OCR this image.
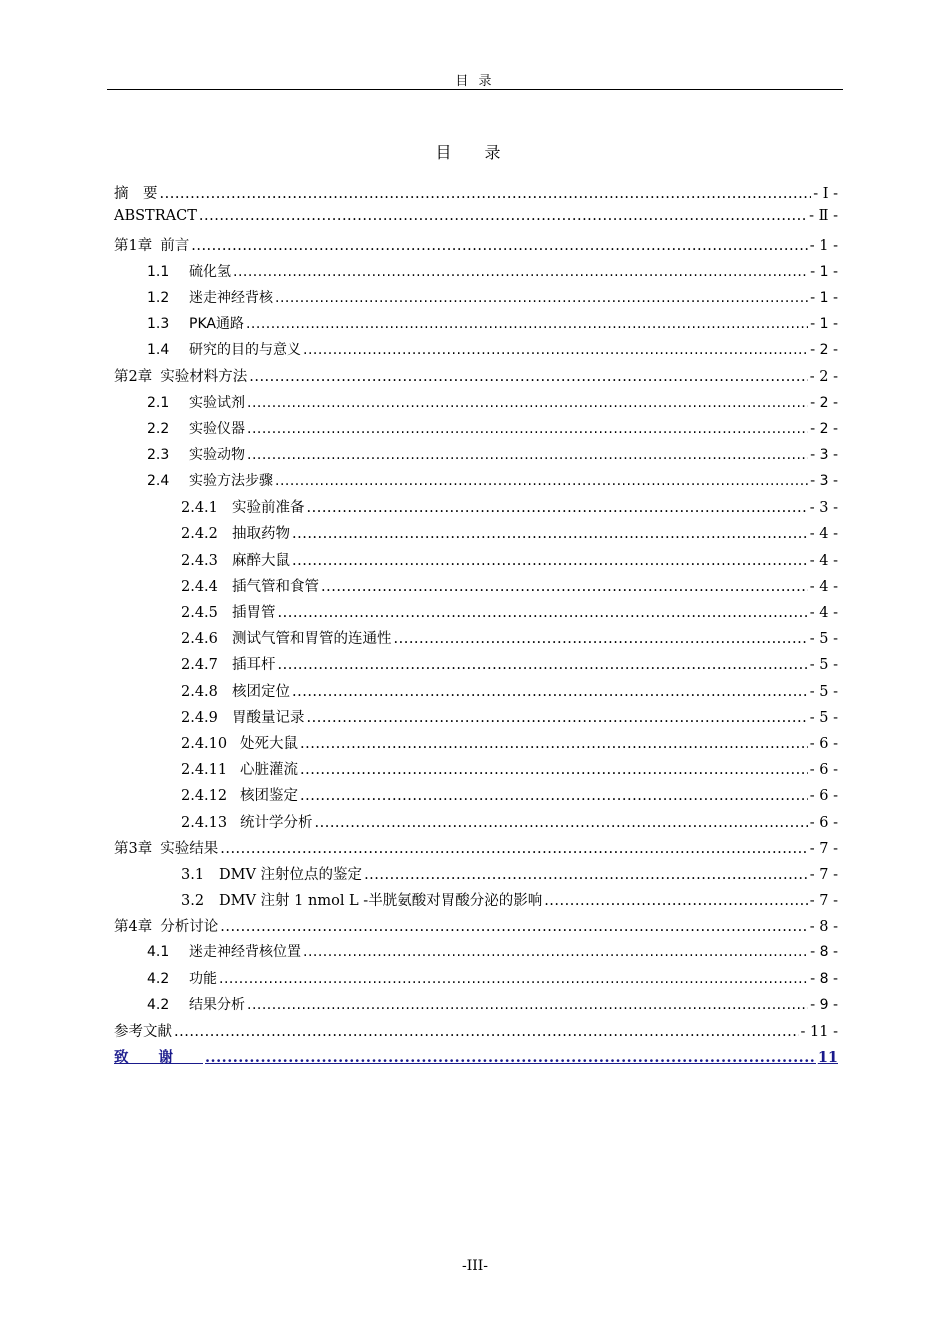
目 录
目 录
摘　要 .....	- Ⅰ -
ABSTRACT .....	- Ⅱ -
第1章 前言 .....	- 1 -
1.1	硫化氢 .....	- 1 -
1.2	迷走神经背核 .....	- 1 -
1.3	PKA通路 .....	- 1 -
1.4	研究的目的与意义 .....	- 2 -
第2章 实验材料方法 .....	- 2 -
2.1	实验试剂 .....	- 2 -
2.2	实验仪器 .....	- 2 -
2.3	实验动物 .....	- 3 -
2.4	实验方法步骤 .....	- 3 -
2.4.1 实验前准备 .....	- 3 -
2.4.2 抽取药物 .....	- 4 -
2.4.3 麻醉大鼠 .....	- 4 -
2.4.4 插气管和食管 .....	- 4 -
2.4.5 插胃管 .....	- 4 -
2.4.6 测试气管和胃管的连通性 .....	- 5 -
2.4.7 插耳杆 .....	- 5 -
2.4.8 核团定位 .....	- 5 -
2.4.9 胃酸量记录 .....	- 5 -
2.4.10 处死大鼠 .....	- 6 -
2.4.11 心脏灌流 .....	- 6 -
2.4.12 核团鉴定 .....	- 6 -
2.4.13 统计学分析 .....	- 6 -
第3章 实验结果 .....	- 7 -
3.1	DMV 注射位点的鉴定 .....	- 7 -
3.2	DMV 注射 1 nmol L -半胱氨酸对胃酸分泌的影响 .....	- 7 -
第4章 分析讨论 .....	- 8 -
4.1	迷走神经背核位置 .....	- 8 -
4.2	功能 .....	- 8 -
4.2	结果分析 .....	- 9 -
参考文献 .....	- 11 -
致谢 .....	11
-III-
